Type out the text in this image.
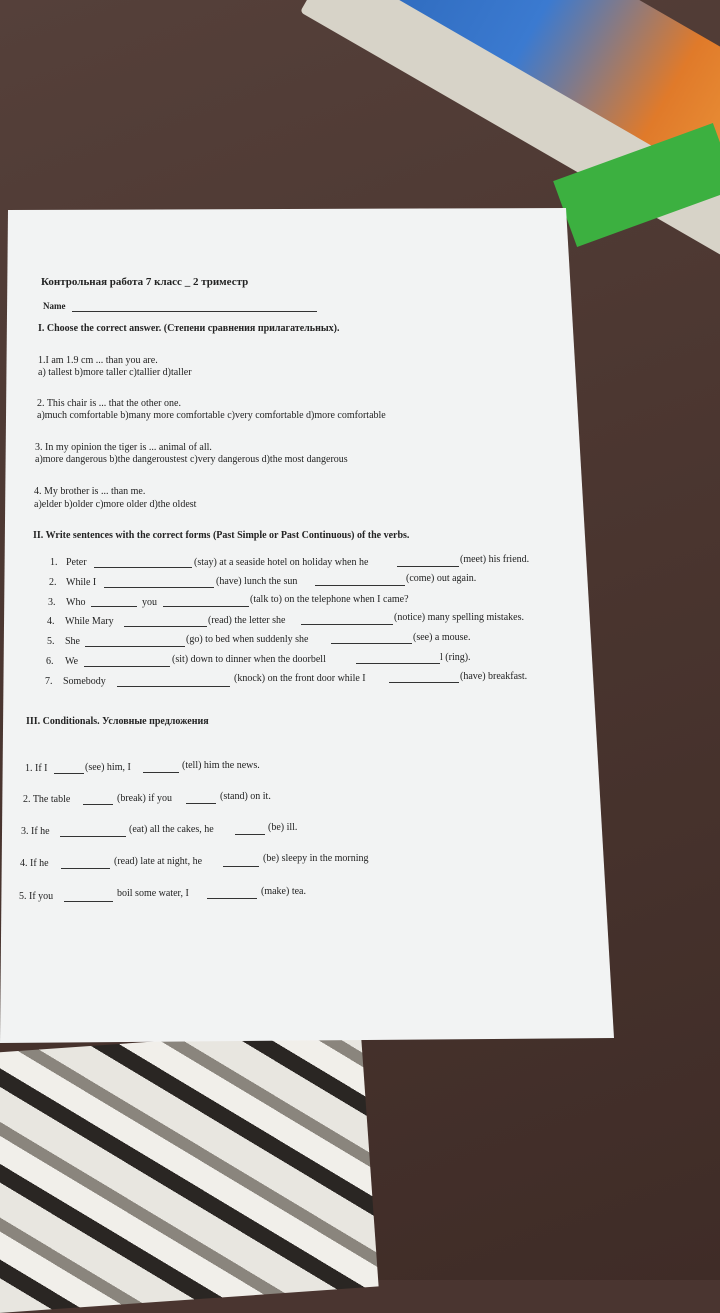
Контрольная работа 7 класс _ 2 триместр
Name
I. Choose the correct answer. (Степени сравнения прилагательных).
1.I am 1.9 cm ... than you are.
a) tallest b)more taller c)tallier d)taller
2. This chair is ... that the other one.
a)much comfortable b)many more comfortable c)very comfortable d)more comfortable
3. In my opinion the tiger is ... animal of all.
a)more dangerous b)the dangeroustest c)very dangerous d)the most dangerous
4. My brother is ... than me.
a)elder b)older c)more older d)the oldest
II. Write sentences with the correct forms (Past Simple or Past Continuous) of the verbs.
1. Peter	(stay) at a seaside hotel on holiday when he	(meet) his friend.
2. While I	(have) lunch the sun	(come) out again.
3. Who	you	(talk to) on the telephone when I came?
4. While Mary	(read) the letter she	(notice) many spelling mistakes.
5. She	(go) to bed when suddenly she	(see) a mouse.
6. We	(sit) down to dinner when the doorbell	l (ring).
7. Somebody	(knock) on the front door while I	(have) breakfast.
III. Conditionals. Условные предложения
1. If I	(see) him, I	(tell) him the news.
2. The table	(break) if you	(stand) on it.
3. If he	(eat) all the cakes, he	(be) ill.
4. If he	(read) late at night, he	(be) sleepy in the morning
5. If you	boil some water, I	(make) tea.
